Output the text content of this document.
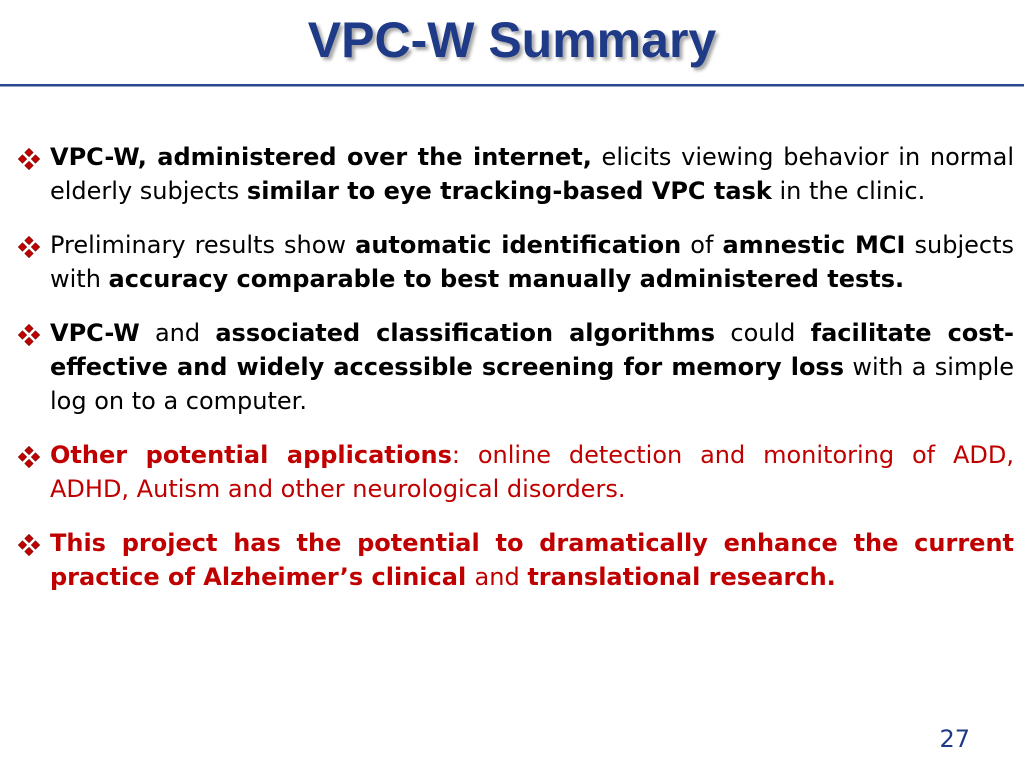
VPC-W Summary
VPC-W, administered over the internet, elicits viewing behavior in normal elderly subjects similar to eye tracking-based VPC task in the clinic.
Preliminary results show automatic identification of amnestic MCI subjects with accuracy comparable to best manually administered tests.
VPC-W and associated classification algorithms could facilitate cost-effective and widely accessible screening for memory loss with a simple log on to a computer.
Other potential applications: online detection and monitoring of ADD, ADHD, Autism and other neurological disorders.
This project has the potential to dramatically enhance the current practice of Alzheimer’s clinical and translational research.
27
